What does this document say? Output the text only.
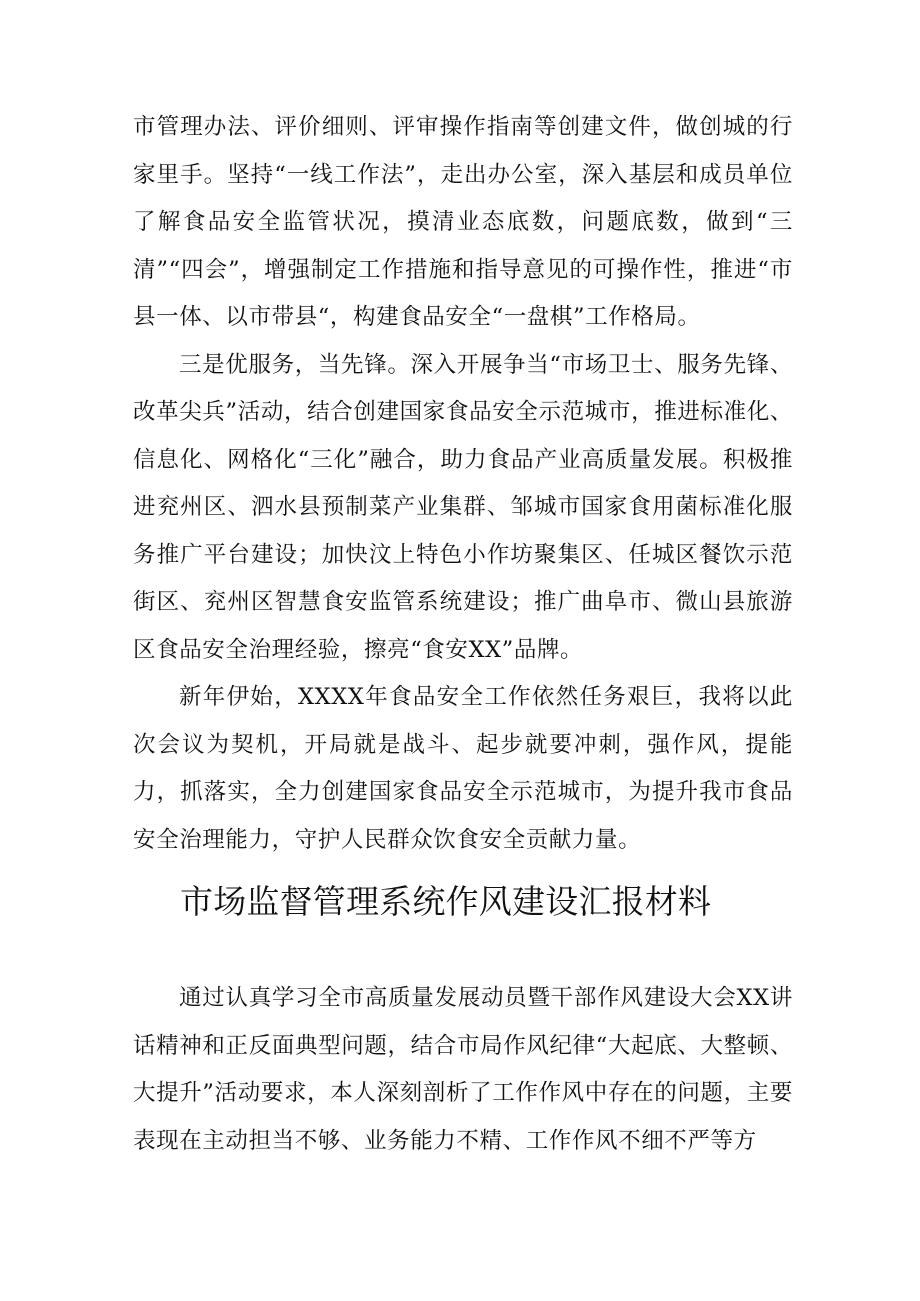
市管理办法、评价细则、评审操作指南等创建文件，做创城的行家里手。坚持“一线工作法”，走出办公室，深入基层和成员单位了解食品安全监管状况，摸清业态底数，问题底数，做到“三清”“四会”，增强制定工作措施和指导意见的可操作性，推进“市县一体、以市带县“，构建食品安全“一盘棋”工作格局。

三是优服务，当先锋。深入开展争当“市场卫士、服务先锋、改革尖兵”活动，结合创建国家食品安全示范城市，推进标准化、信息化、网格化“三化”融合，助力食品产业高质量发展。积极推进兖州区、泗水县预制菜产业集群、邹城市国家食用菌标准化服务推广平台建设；加快汶上特色小作坊聚集区、任城区餐饮示范街区、兖州区智慧食安监管系统建设；推广曲阜市、微山县旅游区食品安全治理经验，擦亮“食安XX”品牌。

新年伊始，XXXX年食品安全工作依然任务艰巨，我将以此次会议为契机，开局就是战斗、起步就要冲刺，强作风，提能力，抓落实，全力创建国家食品安全示范城市，为提升我市食品安全治理能力，守护人民群众饮食安全贡献力量。

市场监督管理系统作风建设汇报材料

通过认真学习全市高质量发展动员暨干部作风建设大会XX讲话精神和正反面典型问题，结合市局作风纪律“大起底、大整顿、大提升”活动要求，本人深刻剖析了工作作风中存在的问题，主要表现在主动担当不够、业务能力不精、工作作风不细不严等方
